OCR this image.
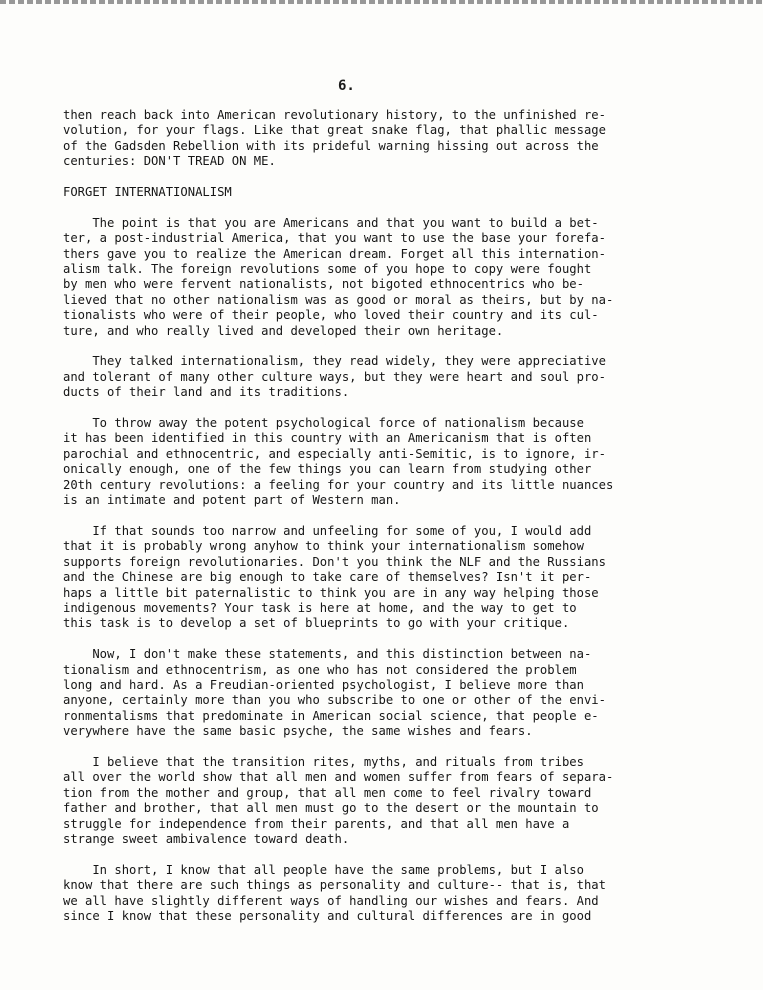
6.
then reach back into American revolutionary history, to the unfinished re-
volution, for your flags. Like that great snake flag, that phallic message
of the Gadsden Rebellion with its prideful warning hissing out across the
centuries: DON'T TREAD ON ME.
FORGET INTERNATIONALISM
The point is that you are Americans and that you want to build a bet-
ter, a post-industrial America, that you want to use the base your forefa-
thers gave you to realize the American dream. Forget all this internation-
alism talk. The foreign revolutions some of you hope to copy were fought
by men who were fervent nationalists, not bigoted ethnocentrics who be-
lieved that no other nationalism was as good or moral as theirs, but by na-
tionalists who were of their people, who loved their country and its cul-
ture, and who really lived and developed their own heritage.
They talked internationalism, they read widely, they were appreciative
and tolerant of many other culture ways, but they were heart and soul pro-
ducts of their land and its traditions.
To throw away the potent psychological force of nationalism because
it has been identified in this country with an Americanism that is often
parochial and ethnocentric, and especially anti-Semitic, is to ignore, ir-
onically enough, one of the few things you can learn from studying other
20th century revolutions: a feeling for your country and its little nuances
is an intimate and potent part of Western man.
If that sounds too narrow and unfeeling for some of you, I would add
that it is probably wrong anyhow to think your internationalism somehow
supports foreign revolutionaries. Don't you think the NLF and the Russians
and the Chinese are big enough to take care of themselves? Isn't it per-
haps a little bit paternalistic to think you are in any way helping those
indigenous movements? Your task is here at home, and the way to get to
this task is to develop a set of blueprints to go with your critique.
Now, I don't make these statements, and this distinction between na-
tionalism and ethnocentrism, as one who has not considered the problem
long and hard. As a Freudian-oriented psychologist, I believe more than
anyone, certainly more than you who subscribe to one or other of the envi-
ronmentalisms that predominate in American social science, that people e-
verywhere have the same basic psyche, the same wishes and fears.
I believe that the transition rites, myths, and rituals from tribes
all over the world show that all men and women suffer from fears of separa-
tion from the mother and group, that all men come to feel rivalry toward
father and brother, that all men must go to the desert or the mountain to
struggle for independence from their parents, and that all men have a
strange sweet ambivalence toward death.
In short, I know that all people have the same problems, but I also
know that there are such things as personality and culture-- that is, that
we all have slightly different ways of handling our wishes and fears. And
since I know that these personality and cultural differences are in good
